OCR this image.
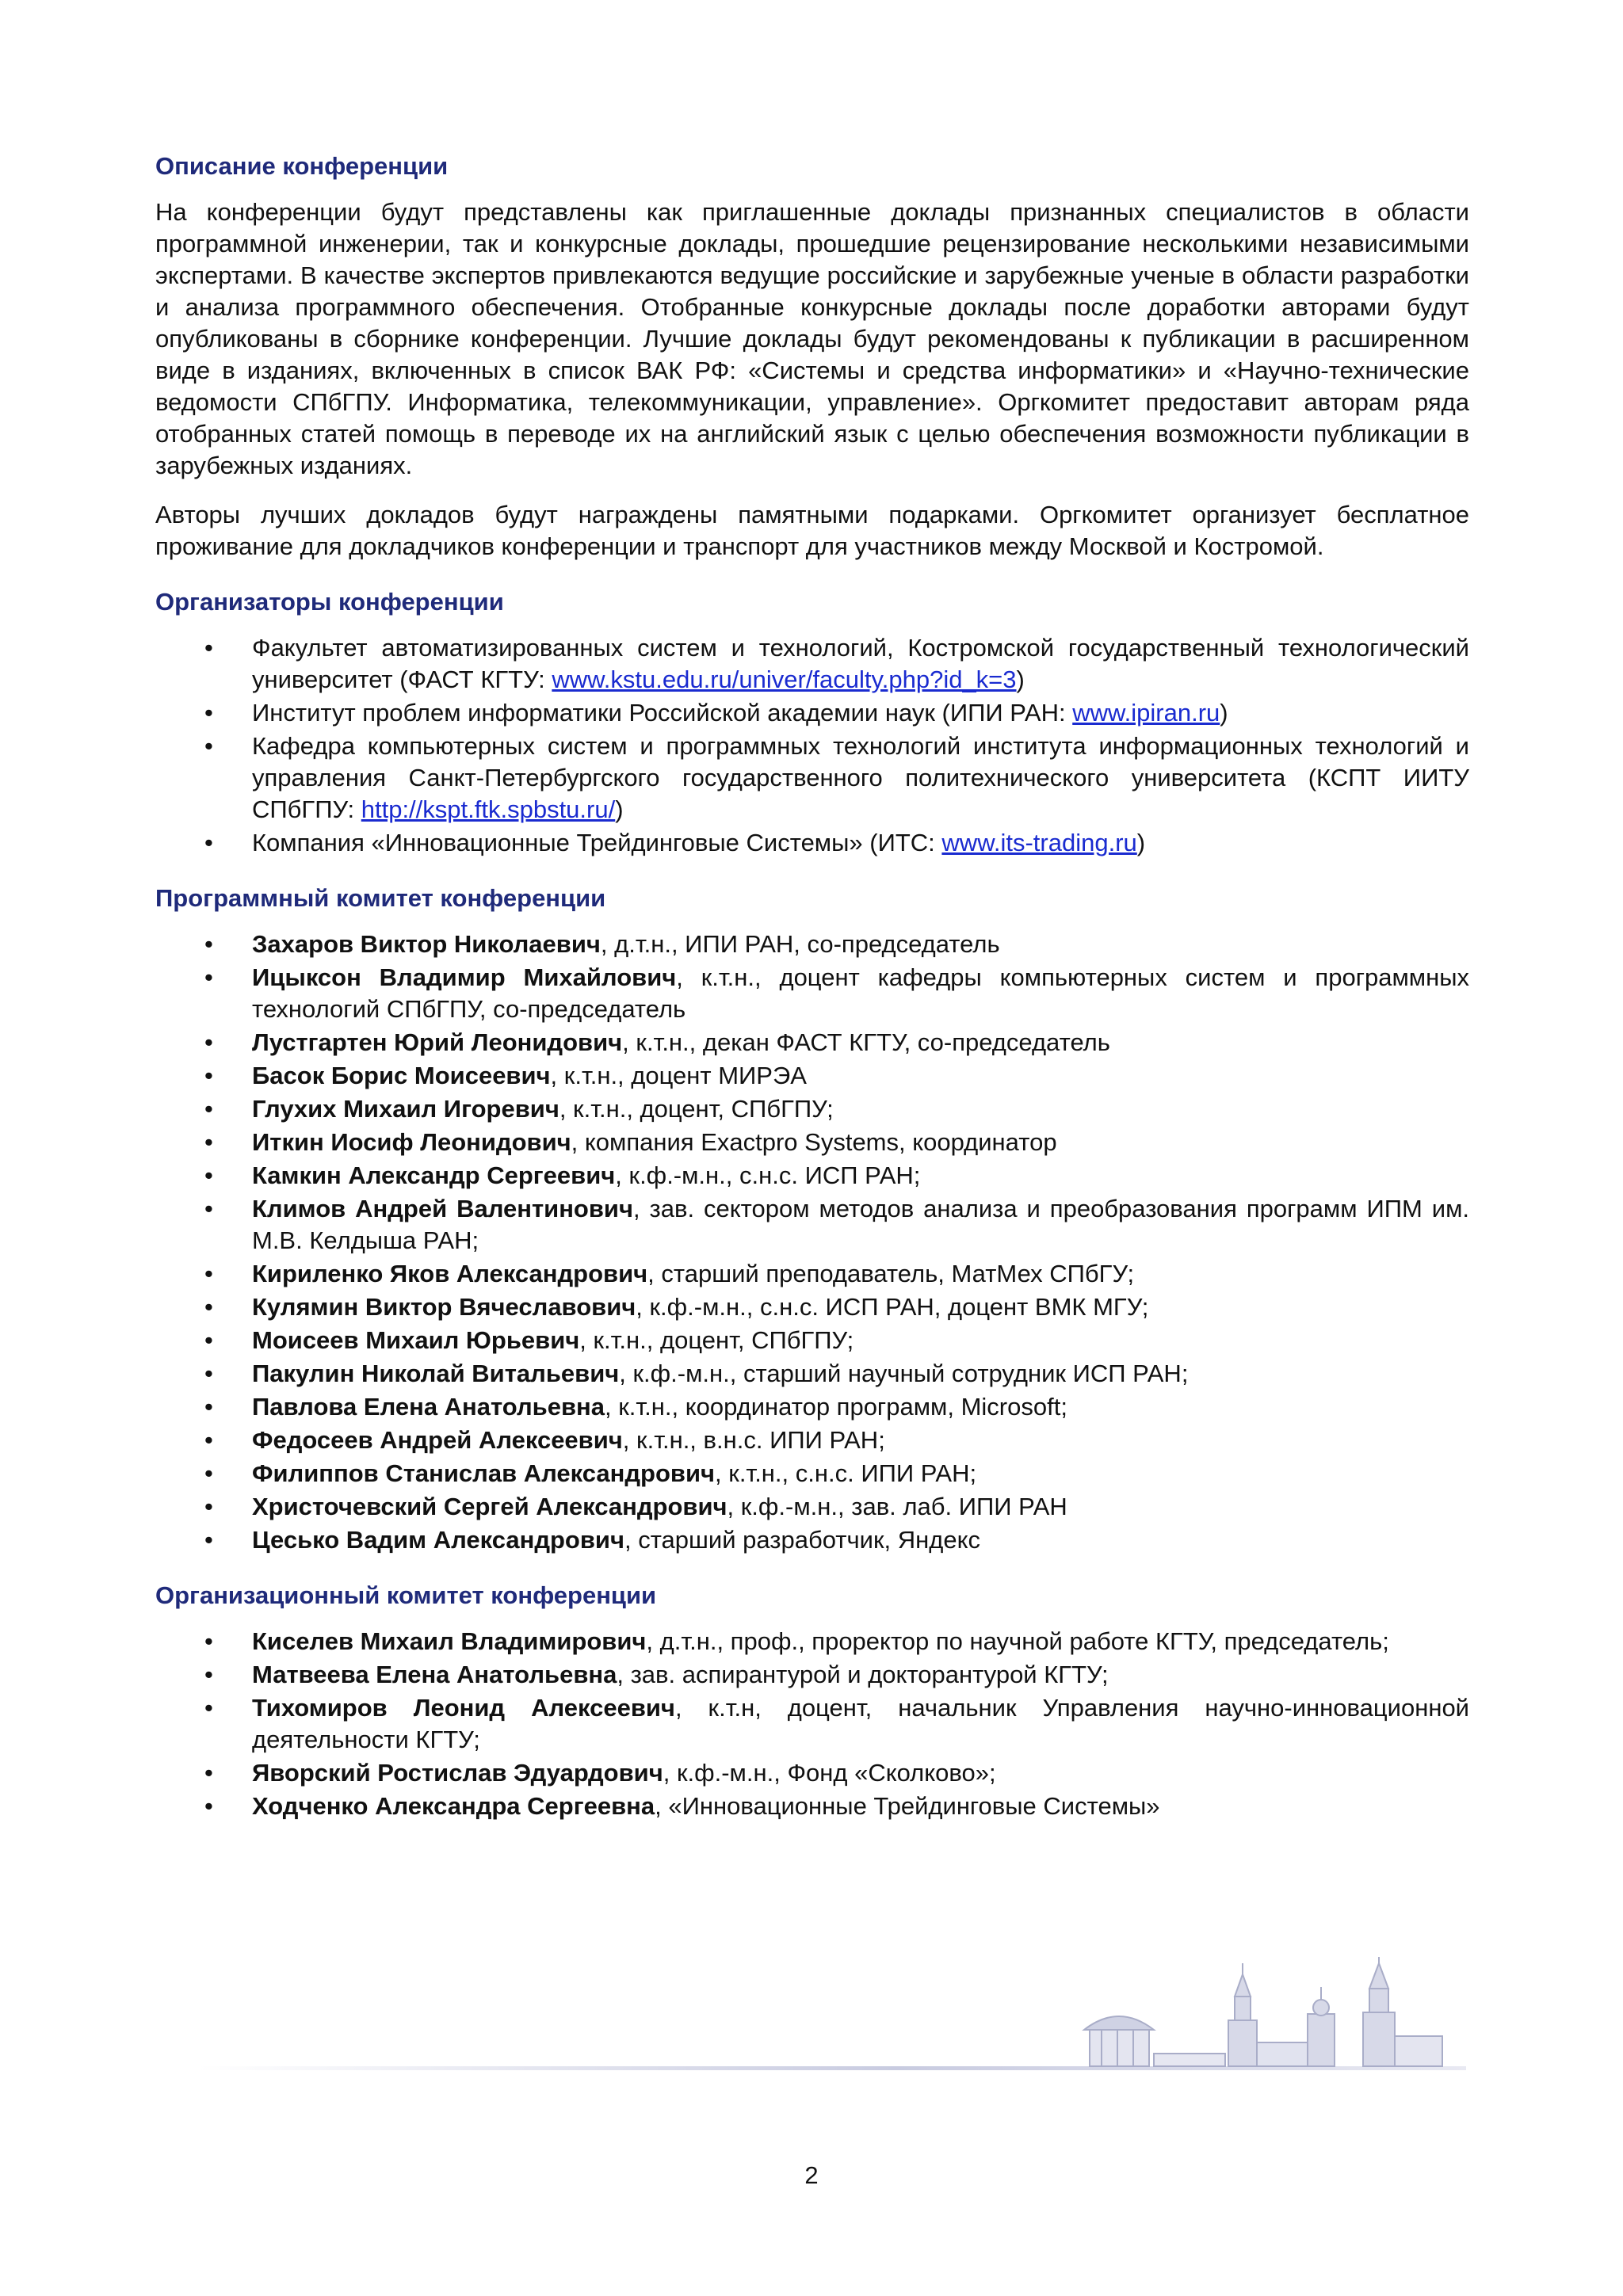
Описание конференции
На конференции будут представлены как приглашенные доклады признанных специалистов в области программной инженерии, так и конкурсные доклады, прошедшие рецензирование несколькими независимыми экспертами. В качестве экспертов привлекаются ведущие российские и зарубежные ученые в области разработки и анализа программного обеспечения. Отобранные конкурсные доклады после доработки авторами будут опубликованы в сборнике конференции. Лучшие доклады будут рекомендованы к публикации в расширенном виде в изданиях, включенных в список ВАК РФ: «Системы и средства информатики» и «Научно-технические ведомости СПбГПУ. Информатика, телекоммуникации, управление». Оргкомитет предоставит авторам ряда отобранных статей помощь в переводе их на английский язык с целью обеспечения возможности публикации в зарубежных изданиях.
Авторы лучших докладов будут награждены памятными подарками. Оргкомитет организует бесплатное проживание для докладчиков конференции и транспорт для участников между Москвой и Костромой.
Организаторы конференции
•	Факультет автоматизированных систем и технологий, Костромской государственный технологический университет (ФАСТ КГТУ: www.kstu.edu.ru/univer/faculty.php?id_k=3)
•	Институт проблем информатики Российской академии наук (ИПИ РАН: www.ipiran.ru)
•	Кафедра компьютерных систем и программных технологий института информационных технологий и управления Санкт-Петербургского государственного политехнического университета (КСПТ ИИТУ СПбГПУ: http://kspt.ftk.spbstu.ru/)
•	Компания «Инновационные Трейдинговые Системы» (ИТС: www.its-trading.ru)
Программный комитет конференции
•	Захаров Виктор Николаевич, д.т.н., ИПИ РАН, со-председатель
•	Ицыксон Владимир Михайлович, к.т.н., доцент кафедры компьютерных систем и программных технологий СПбГПУ, со-председатель
•	Лустгартен Юрий Леонидович, к.т.н., декан ФАСТ КГТУ, со-председатель
•	Басок Борис Моисеевич, к.т.н., доцент МИРЭА
•	Глухих Михаил Игоревич, к.т.н., доцент, СПбГПУ;
•	Иткин Иосиф Леонидович, компания Exactpro Systems, координатор
•	Камкин Александр Сергеевич, к.ф.-м.н., с.н.с. ИСП РАН;
•	Климов Андрей Валентинович, зав. сектором методов анализа и преобразования программ ИПМ им. М.В. Келдыша РАН;
•	Кириленко Яков Александрович, старший преподаватель, МатМех СПбГУ;
•	Кулямин Виктор Вячеславович, к.ф.-м.н., с.н.с. ИСП РАН, доцент ВМК МГУ;
•	Моисеев Михаил Юрьевич, к.т.н., доцент, СПбГПУ;
•	Пакулин Николай Витальевич, к.ф.-м.н., старший научный сотрудник ИСП РАН;
•	Павлова Елена Анатольевна, к.т.н., координатор программ, Microsoft;
•	Федосеев Андрей Алексеевич, к.т.н., в.н.с. ИПИ РАН;
•	Филиппов Станислав Александрович, к.т.н., с.н.с. ИПИ РАН;
•	Христочевский Сергей Александрович, к.ф.-м.н., зав. лаб. ИПИ РАН
•	Цесько Вадим Александрович, старший разработчик, Яндекс
Организационный комитет конференции
•	Киселев Михаил Владимирович, д.т.н., проф., проректор по научной работе КГТУ, председатель;
•	Матвеева Елена Анатольевна, зав. аспирантурой и докторантурой КГТУ;
•	Тихомиров Леонид Алексеевич, к.т.н, доцент, начальник Управления научно-инновационной деятельности КГТУ;
•	Яворский Ростислав Эдуардович, к.ф.-м.н., Фонд «Сколково»;
•	Ходченко Александра Сергеевна, «Инновационные Трейдинговые Системы»
2
